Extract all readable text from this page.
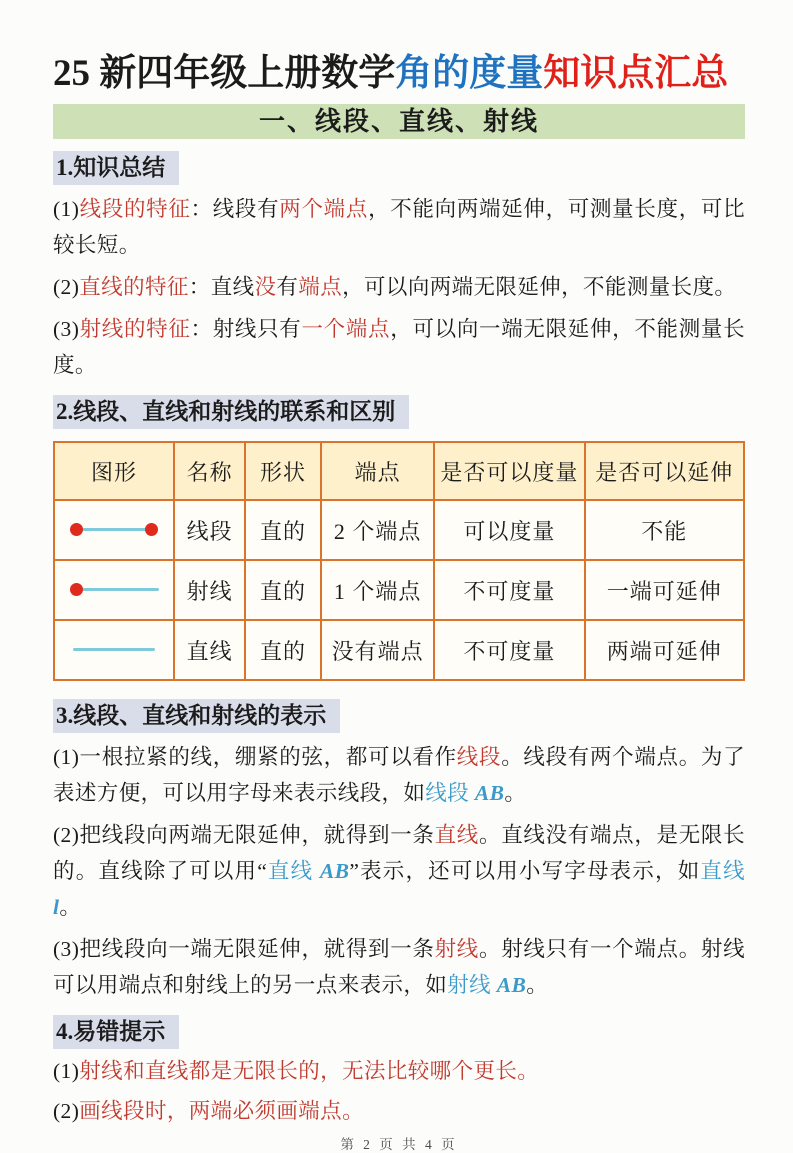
25 新四年级上册数学角的度量知识点汇总
一、线段、直线、射线
1.知识总结

(1)线段的特征：线段有两个端点，不能向两端延伸，可测量长度，可比较长短。

(2)直线的特征：直线没有端点，可以向两端无限延伸，不能测量长度。

(3)射线的特征：射线只有一个端点，可以向一端无限延伸，不能测量长度。

2.线段、直线和射线的联系和区别
图形	名称	形状	端点	是否可以度量	是否可以延伸

	线段	直的	2 个端点	可以度量	不能

	射线	直的	1 个端点	不可度量	一端可延伸

	直线	直的	没有端点	不可度量	两端可延伸
3.线段、直线和射线的表示

(1)一根拉紧的线，绷紧的弦，都可以看作线段。线段有两个端点。为了表述方便，可以用字母来表示线段，如线段 AB。

(2)把线段向两端无限延伸，就得到一条直线。直线没有端点，是无限长的。直线除了可以用“直线 AB”表示，还可以用小写字母表示，如直线 l。

(3)把线段向一端无限延伸，就得到一条射线。射线只有一个端点。射线可以用端点和射线上的另一点来表示，如射线 AB。

4.易错提示

(1)射线和直线都是无限长的，无法比较哪个更长。

(2)画线段时，两端必须画端点。

第 2 页 共 4 页
